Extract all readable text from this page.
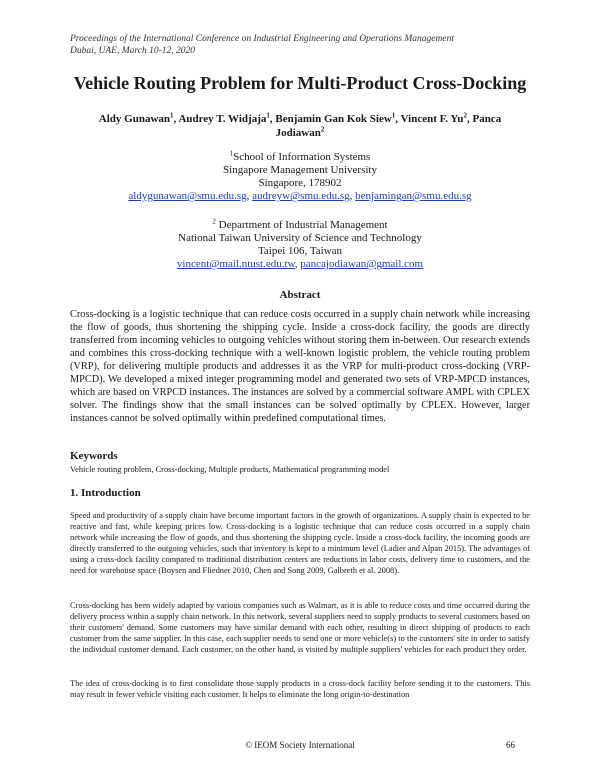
Proceedings of the International Conference on Industrial Engineering and Operations Management
Dubai, UAE, March 10-12, 2020
Vehicle Routing Problem for Multi-Product Cross-Docking
Aldy Gunawan$^1$, Audrey T. Widjaja$^1$, Benjamin Gan Kok Siew$^1$, Vincent F. Yu$^2$, Panca Jodiawan$^2$
$^1$School of Information Systems
Singapore Management University
Singapore, 178902
aldygunawan@smu.edu.sg, audreyw@smu.edu.sg, benjamingan@smu.edu.sg
$^2$ Department of Industrial Management
National Taiwan University of Science and Technology
Taipei 106, Taiwan
vincent@mail.ntust.edu.tw, pancajodiawan@gmail.com
Abstract
Cross-docking is a logistic technique that can reduce costs occurred in a supply chain network while increasing the flow of goods, thus shortening the shipping cycle. Inside a cross-dock facility, the goods are directly transferred from incoming vehicles to outgoing vehicles without storing them in-between. Our research extends and combines this cross-docking technique with a well-known logistic problem, the vehicle routing problem (VRP), for delivering multiple products and addresses it as the VRP for multi-product cross-docking (VRP-MPCD). We developed a mixed integer programming model and generated two sets of VRP-MPCD instances, which are based on VRPCD instances. The instances are solved by a commercial software AMPL with CPLEX solver. The findings show that the small instances can be solved optimally by CPLEX. However, larger instances cannot be solved optimally within predefined computational times.
Keywords
Vehicle routing problem, Cross-docking, Multiple products, Mathematical programming model
1. Introduction
Speed and productivity of a supply chain have become important factors in the growth of organizations. A supply chain is expected to be reactive and fast, while keeping prices low. Cross-docking is a logistic technique that can reduce costs occurred in a supply chain network while increasing the flow of goods, and thus shortening the shipping cycle. Inside a cross-dock facility, the incoming goods are directly transferred to the outgoing vehicles, such that inventory is kept to a minimum level (Ladier and Alpan 2015). The advantages of using a cross-dock facility compared to traditional distribution centers are reductions in labor costs, delivery time to customers, and the need for warehouse space (Boysen and Fliedner 2010, Chen and Song 2009, Galbreth et al. 2008).
Cross-docking has been widely adapted by various companies such as Walmart, as it is able to reduce costs and time occurred during the delivery process within a supply chain network. In this network, several suppliers need to supply products to several customers based on their customers' demand. Some customers may have similar demand with each other, resulting in direct shipping of products to each customer from the same supplier. In this case, each supplier needs to send one or more vehicle(s) to the customers' site in order to satisfy the individual customer demand. Each customer, on the other hand, is visited by multiple suppliers' vehicles for each product they order.
The idea of cross-docking is to first consolidate those supply products in a cross-dock facility before sending it to the customers. This may result in fewer vehicle visiting each customer. It helps to eliminate the long origin-to-destination
© IEOM Society International	66
